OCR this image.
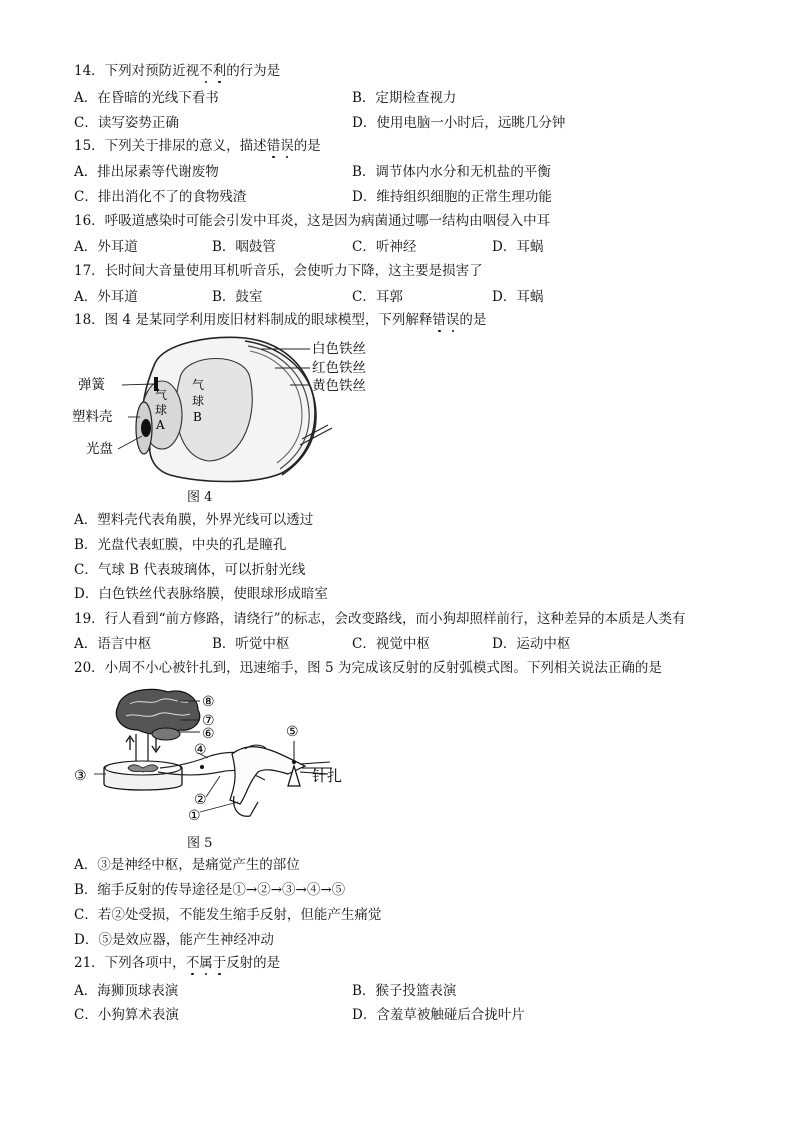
14．下列对预防近视不利的行为是
A．在昏暗的光线下看书	B．定期检查视力
C．读写姿势正确	D．使用电脑一小时后，远眺几分钟
15．下列关于排尿的意义，描述错误的是
A．排出尿素等代谢废物	B．调节体内水分和无机盐的平衡
C．排出消化不了的食物残渣	D．维持组织细胞的正常生理功能
16．呼吸道感染时可能会引发中耳炎，这是因为病菌通过哪一结构由咽侵入中耳
A．外耳道	B．咽鼓管	C．听神经	D．耳蜗
17．长时间大音量使用耳机听音乐，会使听力下降，这主要是损害了
A．外耳道	B．鼓室	C．耳郭	D．耳蜗
18．图 4 是某同学利用废旧材料制成的眼球模型，下列解释错误的是
白色铁丝
红色铁丝
黄色铁丝
弹簧
塑料壳
光盘
气
球
A
气
球
B
图 4
A．塑料壳代表角膜，外界光线可以透过
B．光盘代表虹膜，中央的孔是瞳孔
C．气球 B 代表玻璃体，可以折射光线
D．白色铁丝代表脉络膜，使眼球形成暗室
19．行人看到“前方修路，请绕行”的标志，会改变路线，而小狗却照样前行，这种差异的本质是人类有
A．语言中枢	B．听觉中枢	C．视觉中枢	D．运动中枢
20．小周不小心被针扎到，迅速缩手，图 5 为完成该反射的反射弧模式图。下列相关说法正确的是
⑧
⑦
⑥
④
⑤
③
②
①
针扎
图 5
A．③是神经中枢，是痛觉产生的部位
B．缩手反射的传导途径是①→②→③→④→⑤
C．若②处受损，不能发生缩手反射，但能产生痛觉
D．⑤是效应器，能产生神经冲动
21．下列各项中，不属于反射的是
A．海狮顶球表演	B．猴子投篮表演
C．小狗算术表演	D．含羞草被触碰后合拢叶片
